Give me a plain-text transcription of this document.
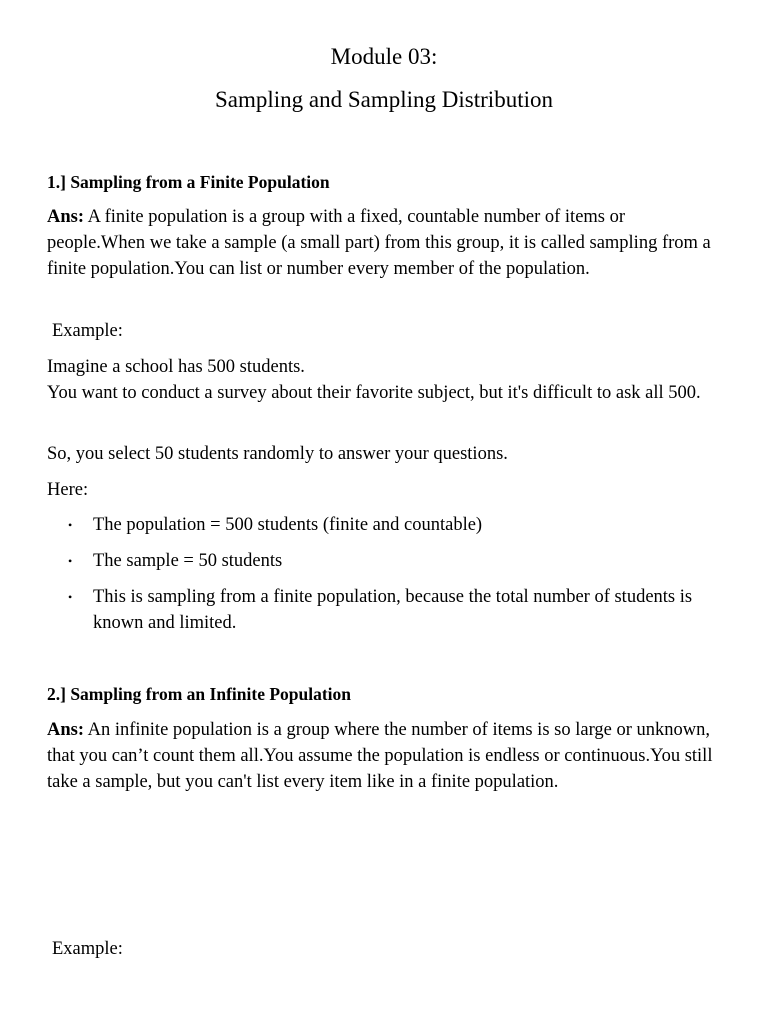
Module 03:
Sampling and Sampling Distribution

1.] Sampling from a Finite Population

Ans: A finite population is a group with a fixed, countable number of items or people.When we take a sample (a small part) from this group, it is called sampling from a finite population.You can list or number every member of the population.

Example:

Imagine a school has 500 students.
You want to conduct a survey about their favorite subject, but it's difficult to ask all 500.

So, you select 50 students randomly to answer your questions.

Here:

• The population = 500 students (finite and countable)
• The sample = 50 students
• This is sampling from a finite population, because the total number of students is known and limited.

2.] Sampling from an Infinite Population

Ans: An infinite population is a group where the number of items is so large or unknown, that you can’t count them all.You assume the population is endless or continuous.You still take a sample, but you can't list every item like in a finite population.

Example:
